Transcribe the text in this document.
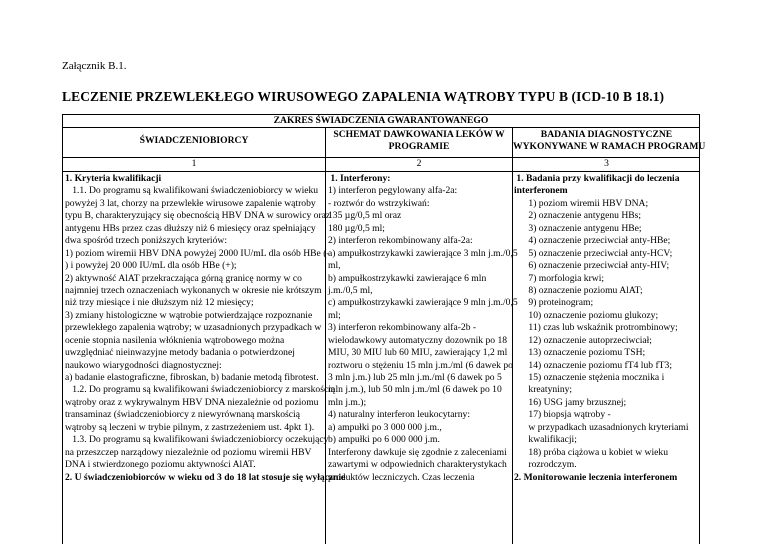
Załącznik B.1.
LECZENIE PRZEWLEKŁEGO WIRUSOWEGO ZAPALENIA WĄTROBY TYPU B (ICD-10 B 18.1)
ZAKRES ŚWIADCZENIA GWARANTOWANEGO
ŚWIADCZENIOBIORCY
SCHEMAT DAWKOWANIA LEKÓW W
PROGRAMIE
BADANIA DIAGNOSTYCZNE
WYKONYWANE W RAMACH PROGRAMU
1	2	3
1. Kryteria kwalifikacji
1.1. Do programu są kwalifikowani świadczeniobiorcy w wieku
powyżej 3 lat, chorzy na przewlekłe wirusowe zapalenie wątroby
typu B, charakteryzujący się obecnością HBV DNA w surowicy oraz
antygenu HBs przez czas dłuższy niż 6 miesięcy oraz spełniający
dwa spośród trzech poniższych kryteriów:
1) poziom wiremii HBV DNA powyżej 2000 IU/mL dla osób HBe (-
) i powyżej 20 000 IU/mL dla osób HBe (+);
2) aktywność AlAT przekraczająca górną granicę normy w co
najmniej trzech oznaczeniach wykonanych w okresie nie krótszym
niż trzy miesiące i nie dłuższym niż 12 miesięcy;
3) zmiany histologiczne w wątrobie potwierdzające rozpoznanie
przewlekłego zapalenia wątroby; w uzasadnionych przypadkach w
ocenie stopnia nasilenia włóknienia wątrobowego można
uwzględniać nieinwazyjne metody badania o potwierdzonej
naukowo wiarygodności diagnostycznej:
a) badanie elastograficzne, fibroskan, b) badanie metodą fibrotest.
1.2. Do programu są kwalifikowani świadczeniobiorcy z marskością
wątroby oraz z wykrywalnym HBV DNA niezależnie od poziomu
transaminaz (świadczeniobiorcy z niewyrównaną marskością
wątroby są leczeni w trybie pilnym, z zastrzeżeniem ust. 4pkt 1).
1.3. Do programu są kwalifikowani świadczeniobiorcy oczekujący
na przeszczep narządowy niezależnie od poziomu wiremii HBV
DNA i stwierdzonego poziomu aktywności AlAT.
2. U świadczeniobiorców w wieku od 3 do 18 lat stosuje się wyłącznie
1. Interferony:
1) interferon pegylowany alfa-2a:
- roztwór do wstrzykiwań:
135 µg/0,5 ml oraz
180 µg/0,5 ml;
2) interferon rekombinowany alfa-2a:
a) ampułkostrzykawki zawierające 3 mln j.m./0,5
ml,
b) ampułkostrzykawki zawierające 6 mln
j.m./0,5 ml,
c) ampułkostrzykawki zawierające 9 mln j.m./0,5
ml;
3) interferon rekombinowany alfa-2b -
wielodawkowy automatyczny dozownik po 18
MIU, 30 MIU lub 60 MIU, zawierający 1,2 ml
roztworu o stężeniu 15 mln j.m./ml (6 dawek po
3 mln j.m.) lub 25 mln j.m./ml (6 dawek po 5
mln j.m.), lub 50 mln j.m./ml (6 dawek po 10
mln j.m.);
4) naturalny interferon leukocytarny:
a) ampułki po 3 000 000 j.m.,
b) ampułki po 6 000 000 j.m.
Interferony dawkuje się zgodnie z zaleceniami
zawartymi w odpowiednich charakterystykach
produktów leczniczych. Czas leczenia
1. Badania przy kwalifikacji do leczenia
interferonem
1) poziom wiremii HBV DNA;
2) oznaczenie antygenu HBs;
3) oznaczenie antygenu HBe;
4) oznaczenie przeciwciał anty-HBe;
5) oznaczenie przeciwciał anty-HCV;
6) oznaczenie przeciwciał anty-HIV;
7) morfologia krwi;
8) oznaczenie poziomu AlAT;
9) proteinogram;
10) oznaczenie poziomu glukozy;
11) czas lub wskaźnik protrombinowy;
12) oznaczenie autoprzeciwciał;
13) oznaczenie poziomu TSH;
14) oznaczenie poziomu fT4 lub fT3;
15) oznaczenie stężenia mocznika i
kreatyniny;
16) USG jamy brzusznej;
17) biopsja wątroby -
w przypadkach uzasadnionych kryteriami
kwalifikacji;
18) próba ciążowa u kobiet w wieku
rozrodczym.
2. Monitorowanie leczenia interferonem
